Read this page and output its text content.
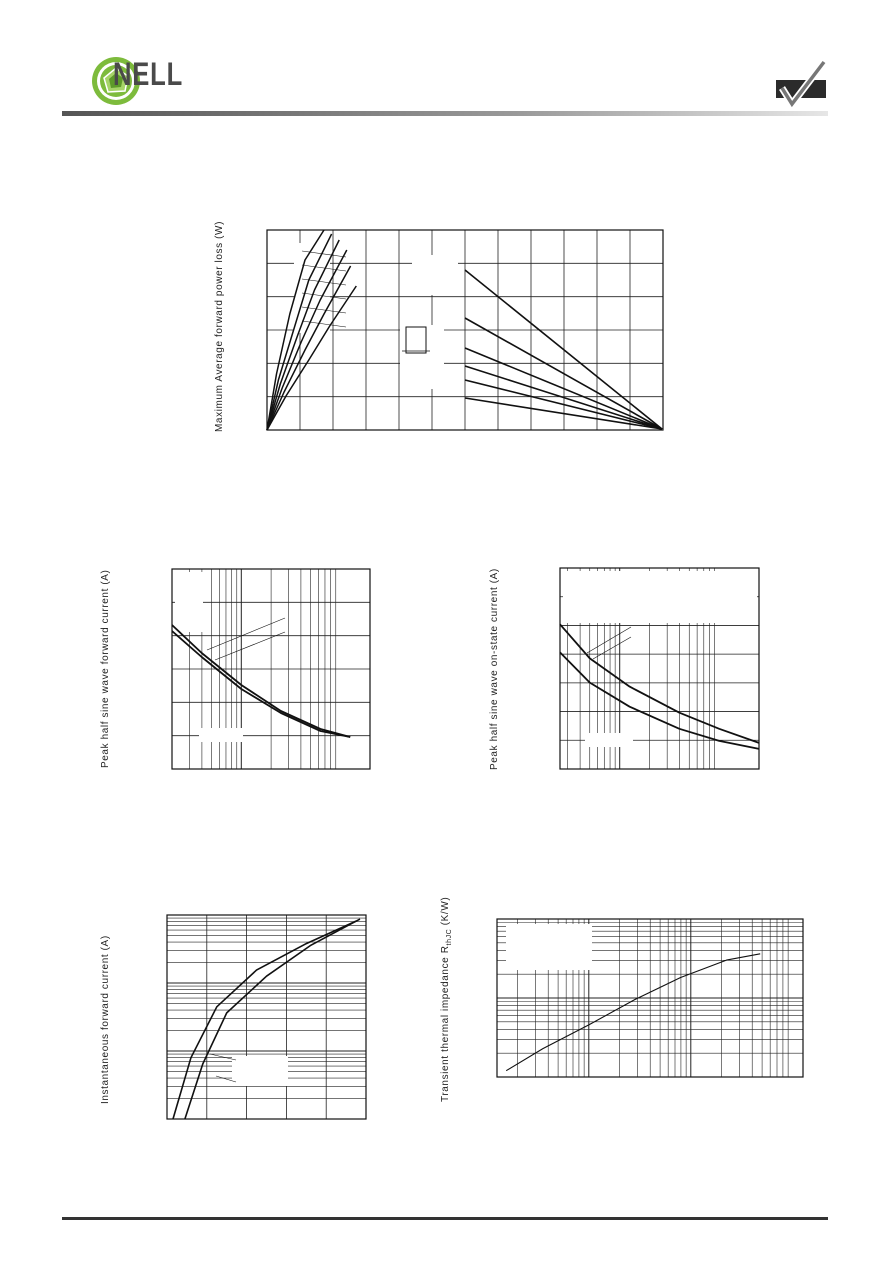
NELL
Maximum Average forward power loss (W)
Peak half sine wave forward current (A)	Peak half sine wave on-state current (A)
Instantaneous forward current (A)	Transient thermal impedance $R_{thJC}$ (K/W)
